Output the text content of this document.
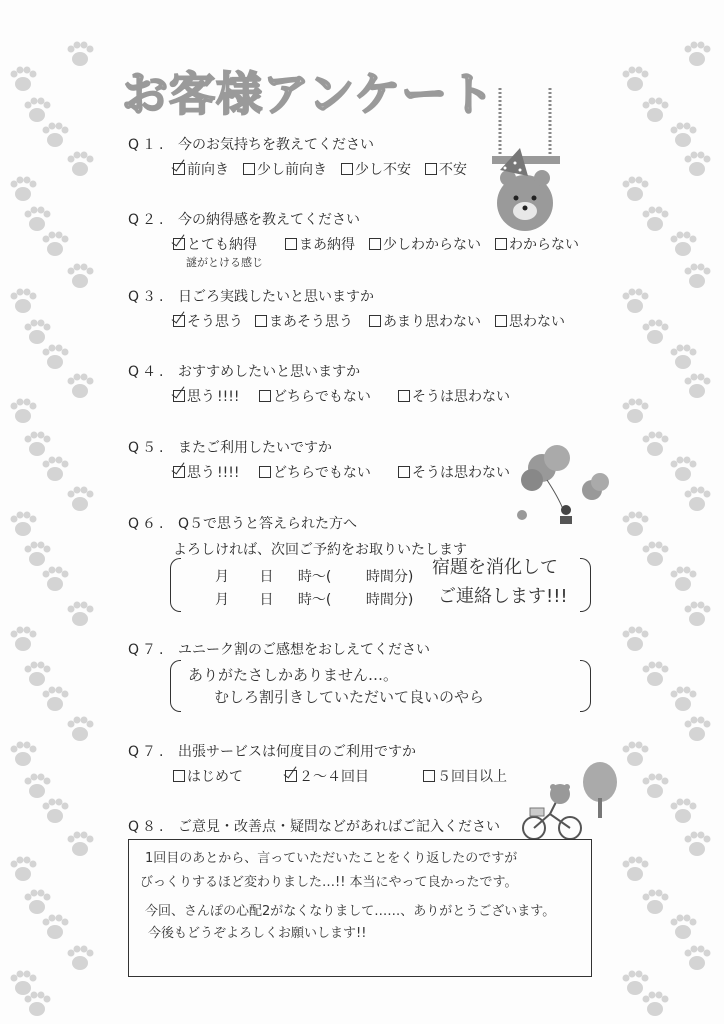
お客様アンケート
Q１. 今のお気持ちを教えてください
前向き	少し前向き	少し不安	不安
Q２. 今の納得感を教えてください
とても納得	まあ納得	少しわからない	わからない
謎がとける感じ
Q３. 日ごろ実践したいと思いますか
そう思う	まあそう思う	あまり思わない	思わない
Q４. おすすめしたいと思いますか
思う !!!!	どちらでもない	そうは思わない
Q５. またご利用したいですか
思う !!!!	どちらでもない	そうは思わない
Q６. Q５で思うと答えられた方へ
よろしければ、次回ご予約をお取りいたします
月 日 時～( 時間分)
月 日 時～( 時間分)
宿題を消化して
ご連絡します!!!
Q７. ユニーク割のご感想をおしえてください
ありがたさしかありません…。
むしろ割引きしていただいて良いのやら
Q７. 出張サービスは何度目のご利用ですか
はじめて	２～４回目	５回目以上
Q８. ご意見・改善点・疑問などがあればご記入ください
1回目のあとから、言っていただいたことをくり返したのですが
びっくりするほど変わりました…!! 本当にやって良かったです。
今回、さんぽの心配2がなくなりまして……、ありがとうございます。
今後もどうぞよろしくお願いします!!
